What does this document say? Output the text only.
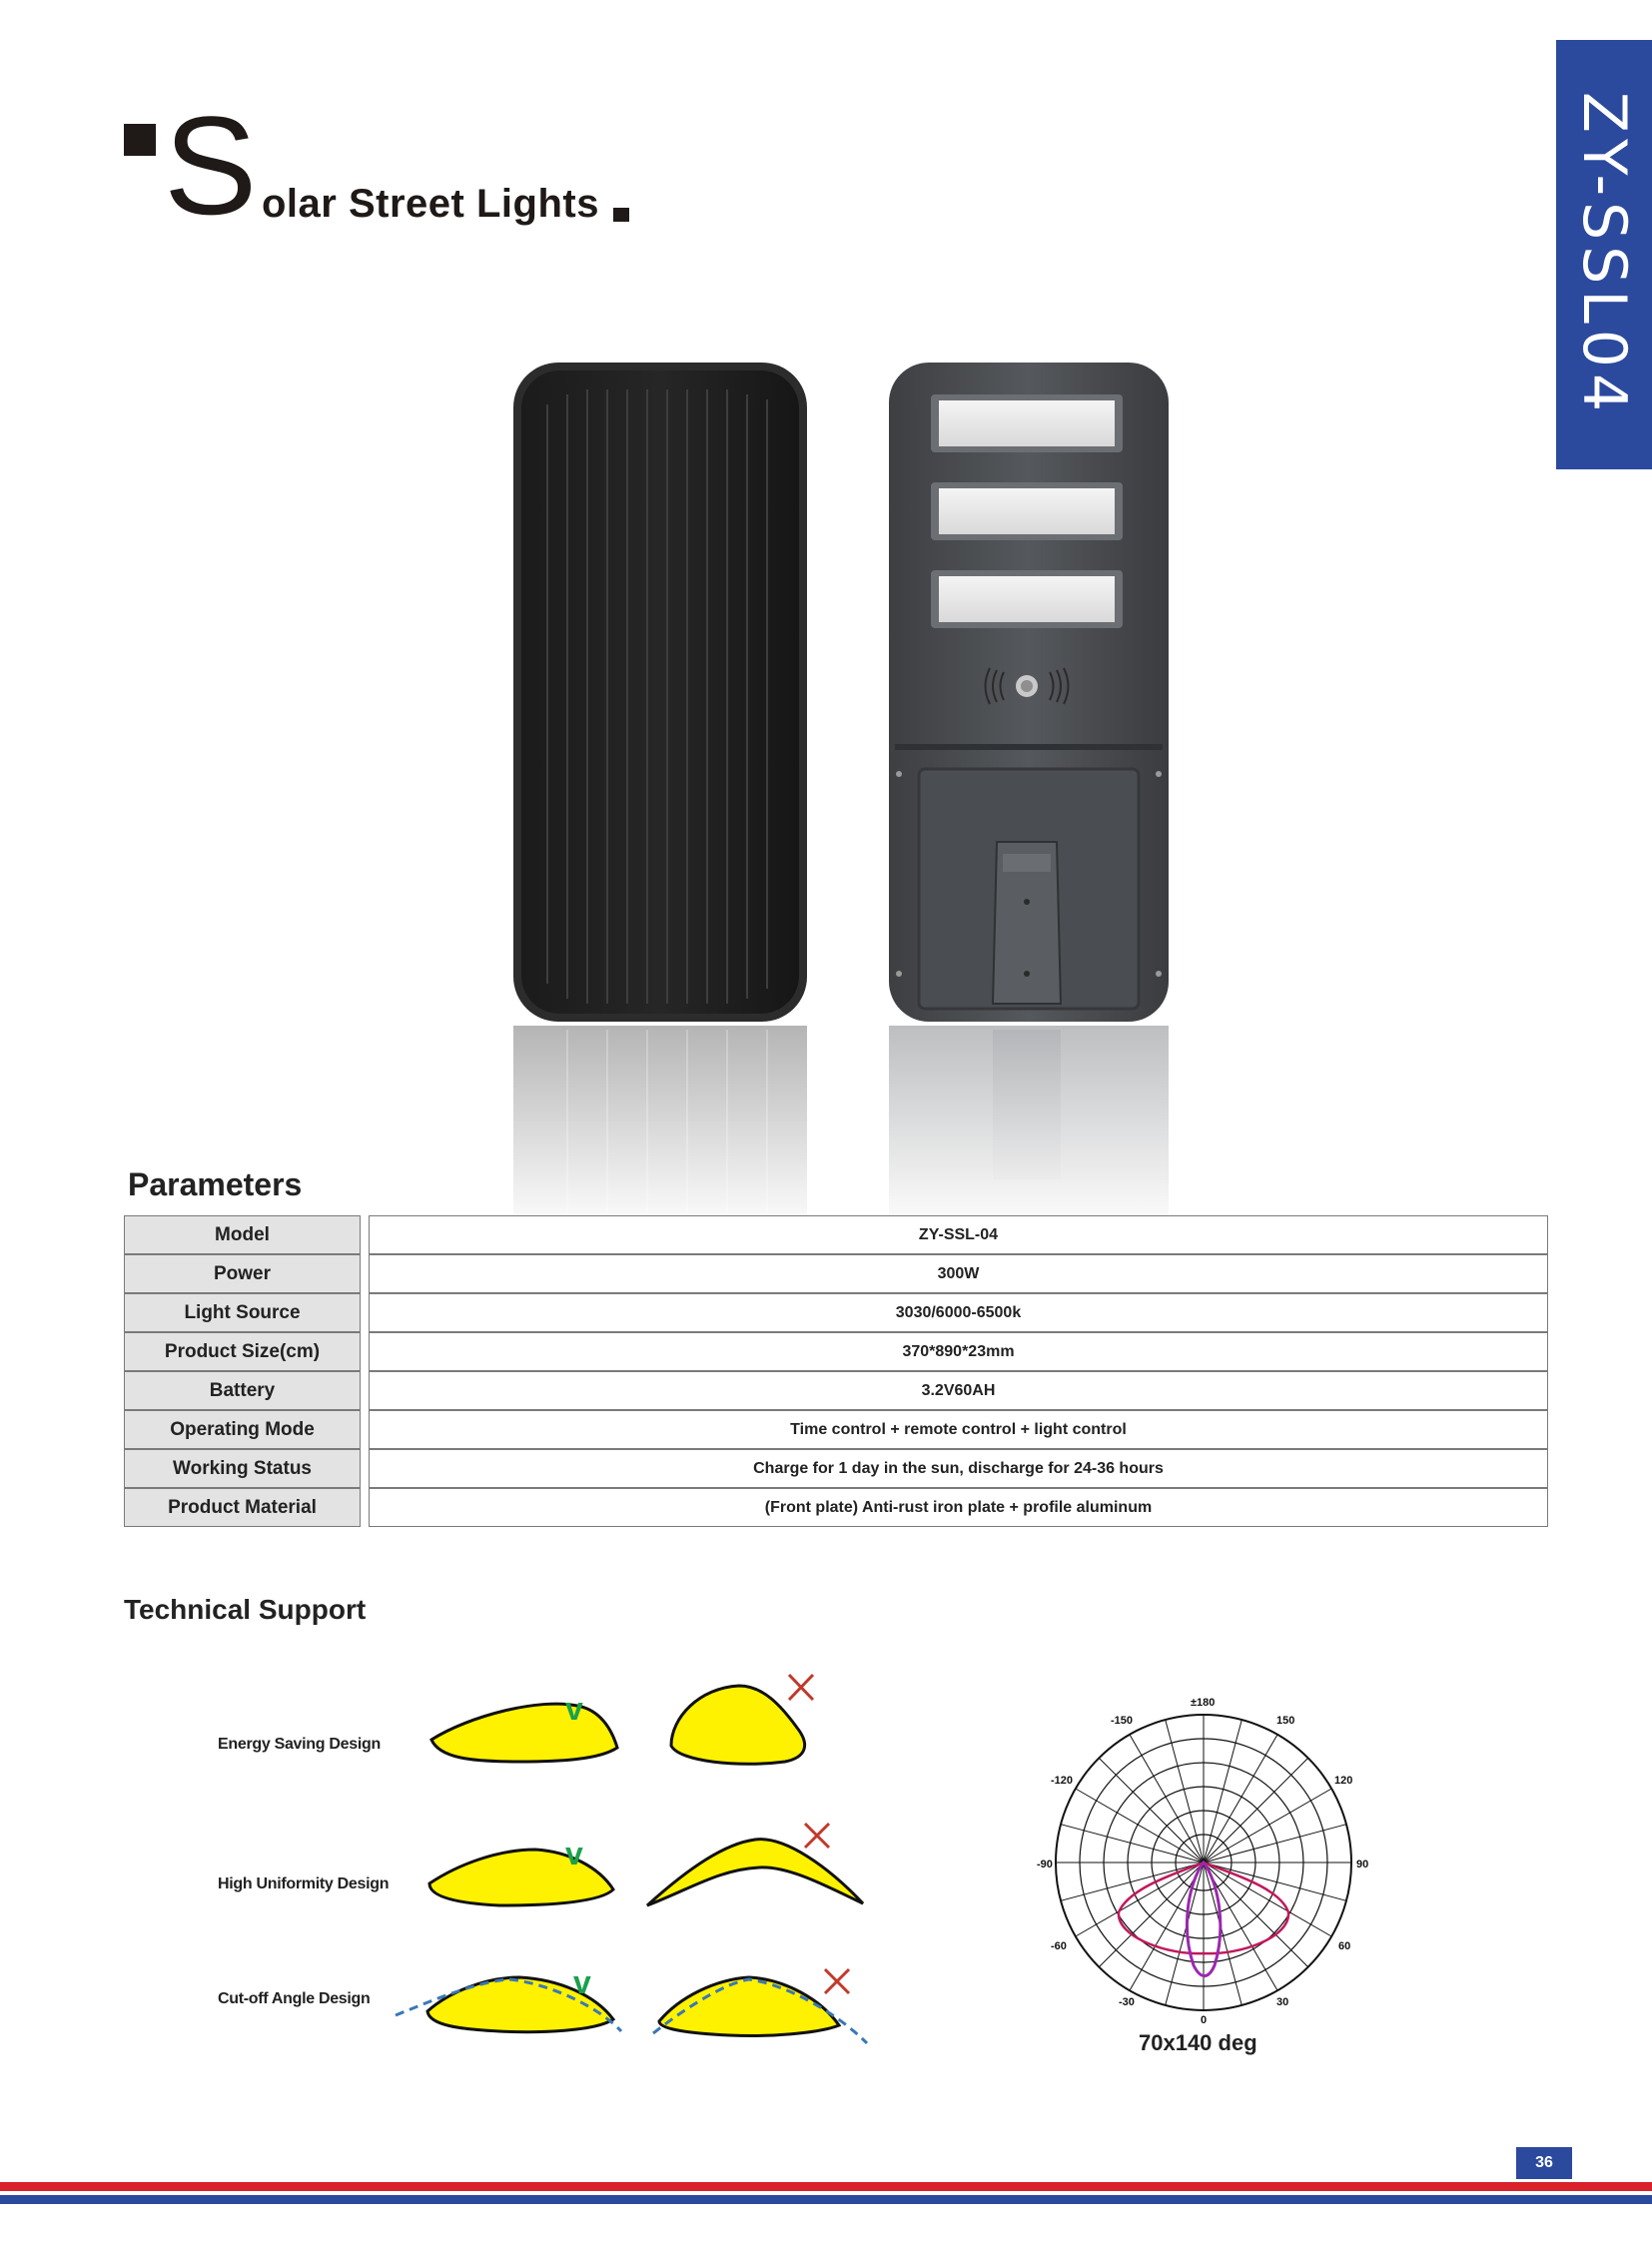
S olar Street Lights	ZY-SSL04
Parameters
Model	ZY-SSL-04
Power	300W
Light Source	3030/6000-6500k
Product Size(cm)	370*890*23mm
Battery	3.2V60AH
Operating Mode	Time control + remote control + light control
Working Status	Charge for 1 day in the sun, discharge for 24-36 hours
Product Material	(Front plate) Anti-rust iron plate + profile aluminum
Technical Support
Energy Saving Design
High Uniformity Design
Cut-off Angle Design
v
v
v
±180
-150	150
-120	120
-90	90
-60	60
-30	30
0
70x140 deg
36
